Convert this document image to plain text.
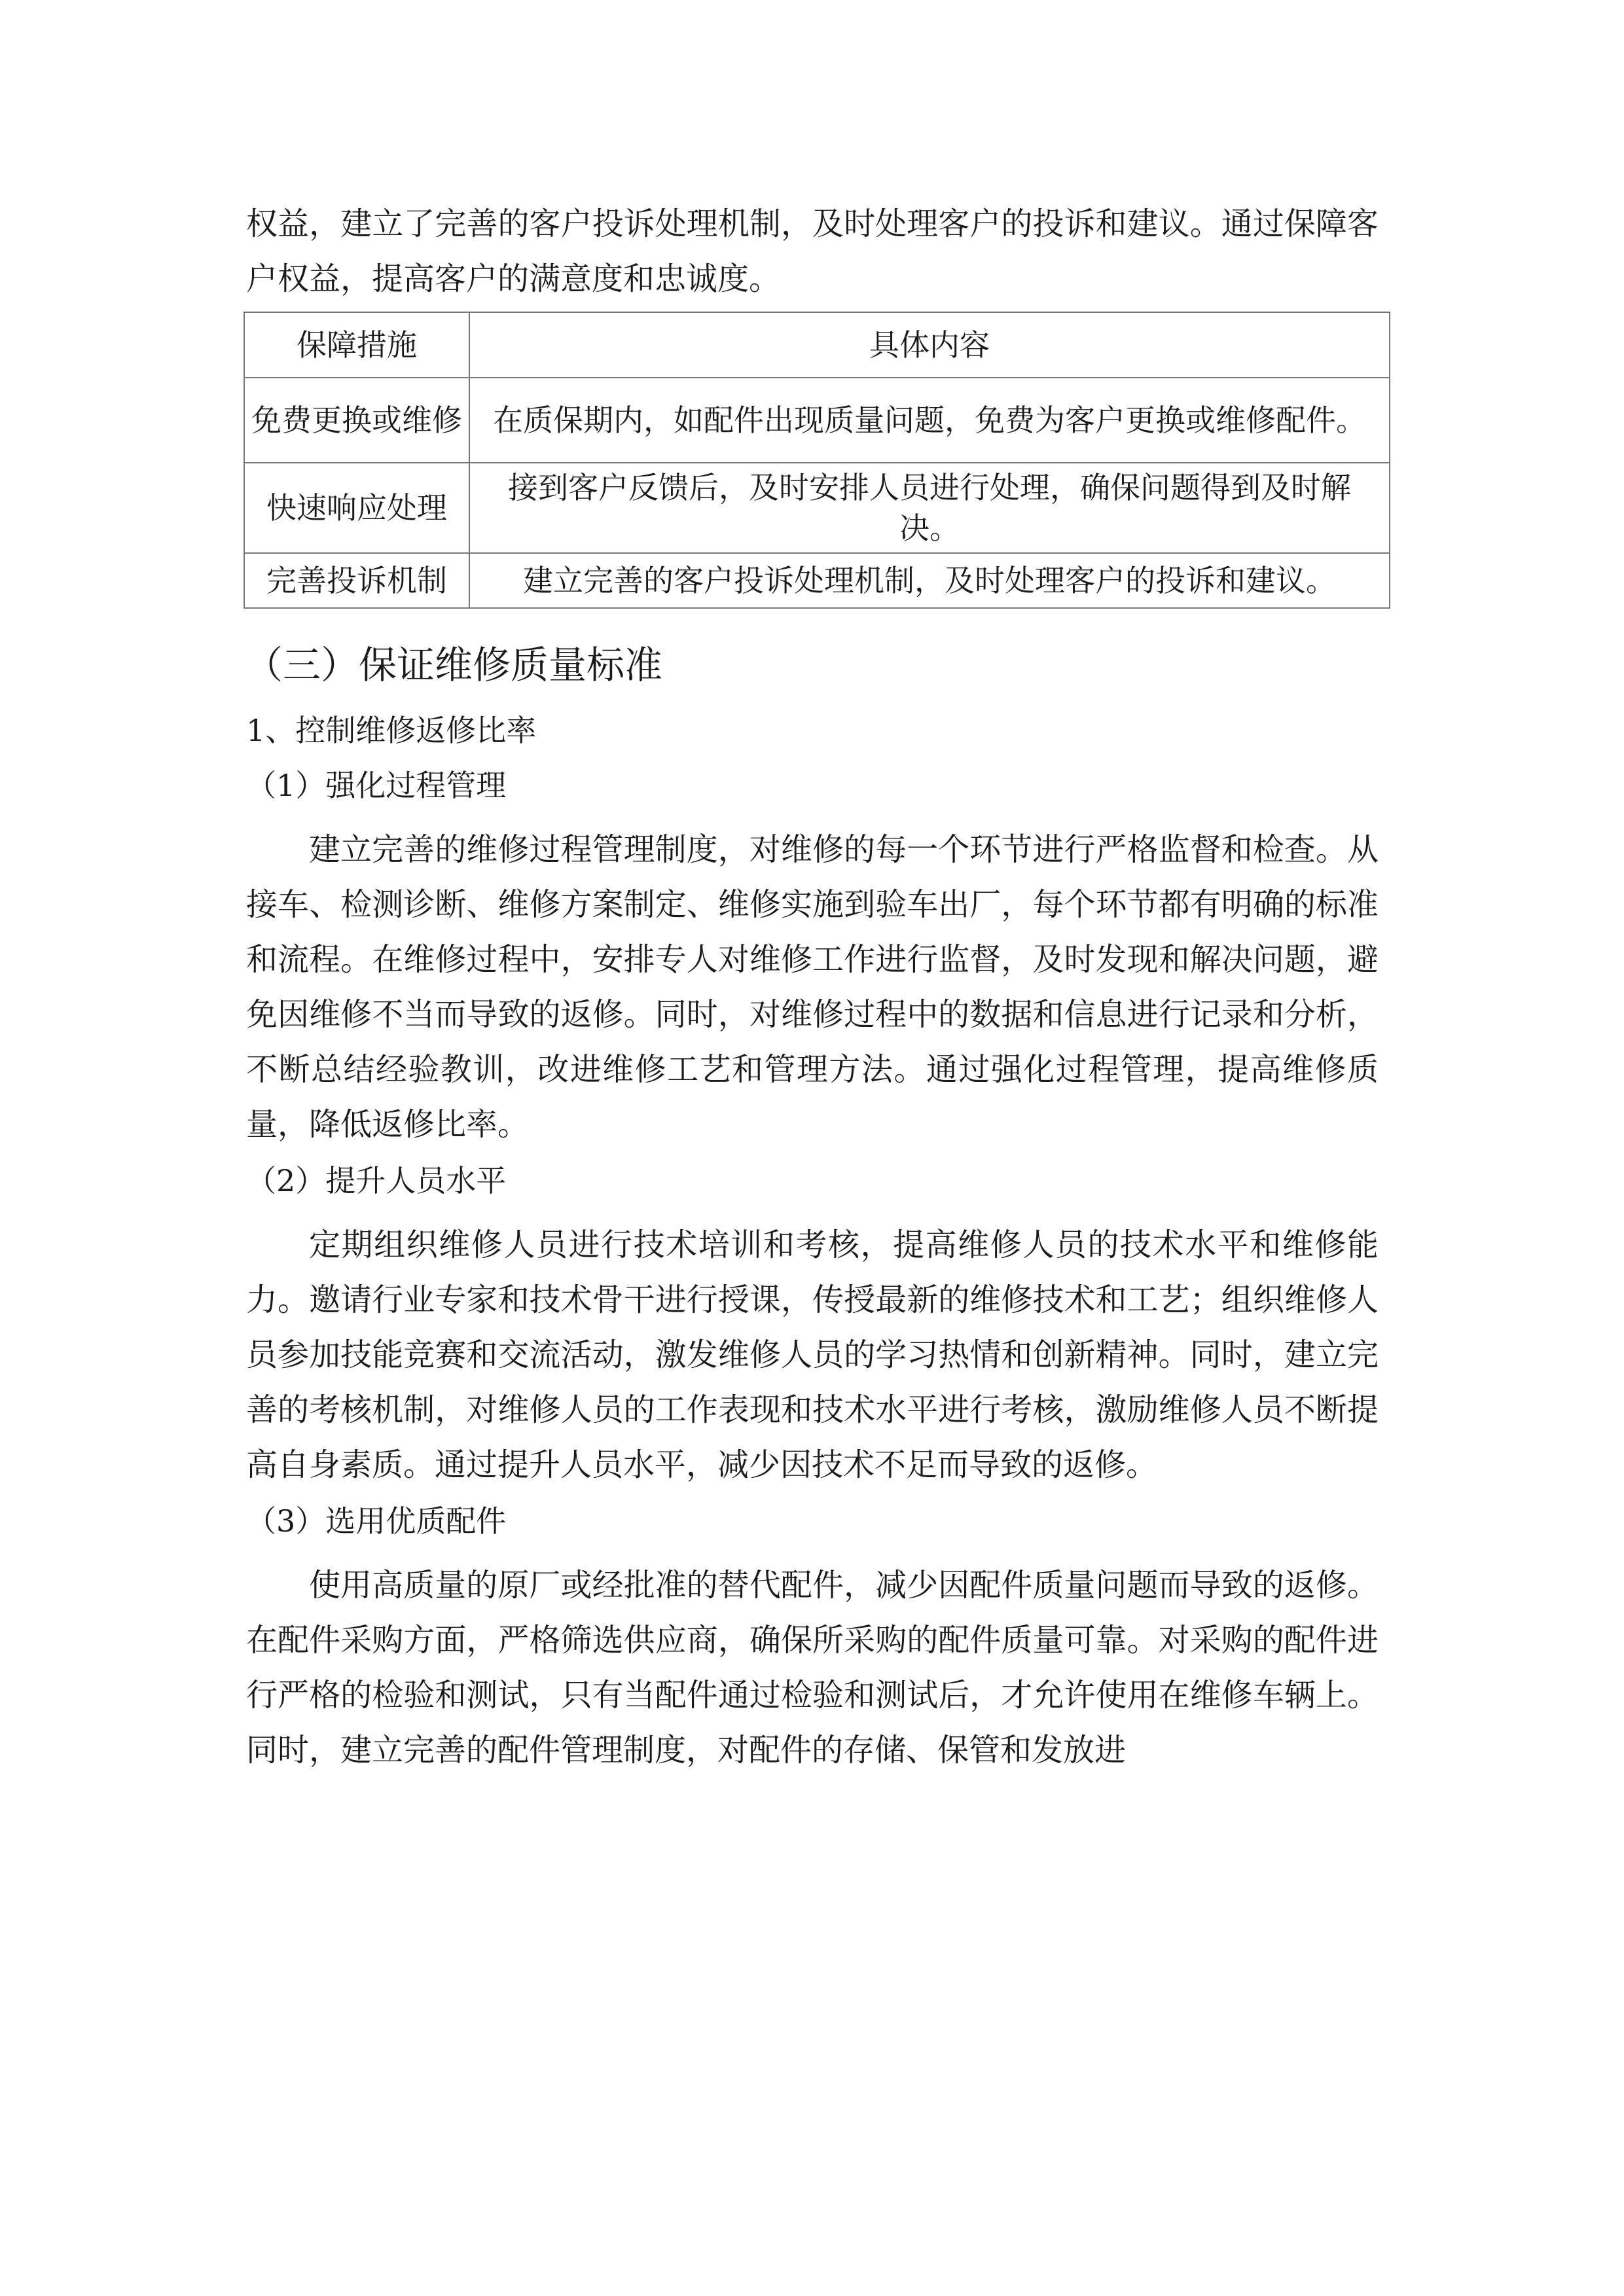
权益，建立了完善的客户投诉处理机制，及时处理客户的投诉和建议。通过保障客户权益，提高客户的满意度和忠诚度。

保障措施	具体内容
免费更换或维修	在质保期内，如配件出现质量问题，免费为客户更换或维修配件。
快速响应处理	接到客户反馈后，及时安排人员进行处理，确保问题得到及时解决。
完善投诉机制	建立完善的客户投诉处理机制，及时处理客户的投诉和建议。
（三）保证维修质量标准
1、控制维修返修比率
（1）强化过程管理

建立完善的维修过程管理制度，对维修的每一个环节进行严格监督和检查。从接车、检测诊断、维修方案制定、维修实施到验车出厂，每个环节都有明确的标准和流程。在维修过程中，安排专人对维修工作进行监督，及时发现和解决问题，避免因维修不当而导致的返修。同时，对维修过程中的数据和信息进行记录和分析，不断总结经验教训，改进维修工艺和管理方法。通过强化过程管理，提高维修质量，降低返修比率。

（2）提升人员水平

定期组织维修人员进行技术培训和考核，提高维修人员的技术水平和维修能力。邀请行业专家和技术骨干进行授课，传授最新的维修技术和工艺；组织维修人员参加技能竞赛和交流活动，激发维修人员的学习热情和创新精神。同时，建立完善的考核机制，对维修人员的工作表现和技术水平进行考核，激励维修人员不断提高自身素质。通过提升人员水平，减少因技术不足而导致的返修。

（3）选用优质配件

使用高质量的原厂或经批准的替代配件，减少因配件质量问题而导致的返修。在配件采购方面，严格筛选供应商，确保所采购的配件质量可靠。对采购的配件进行严格的检验和测试，只有当配件通过检验和测试后，才允许使用在维修车辆上。同时，建立完善的配件管理制度，对配件的存储、保管和发放进
